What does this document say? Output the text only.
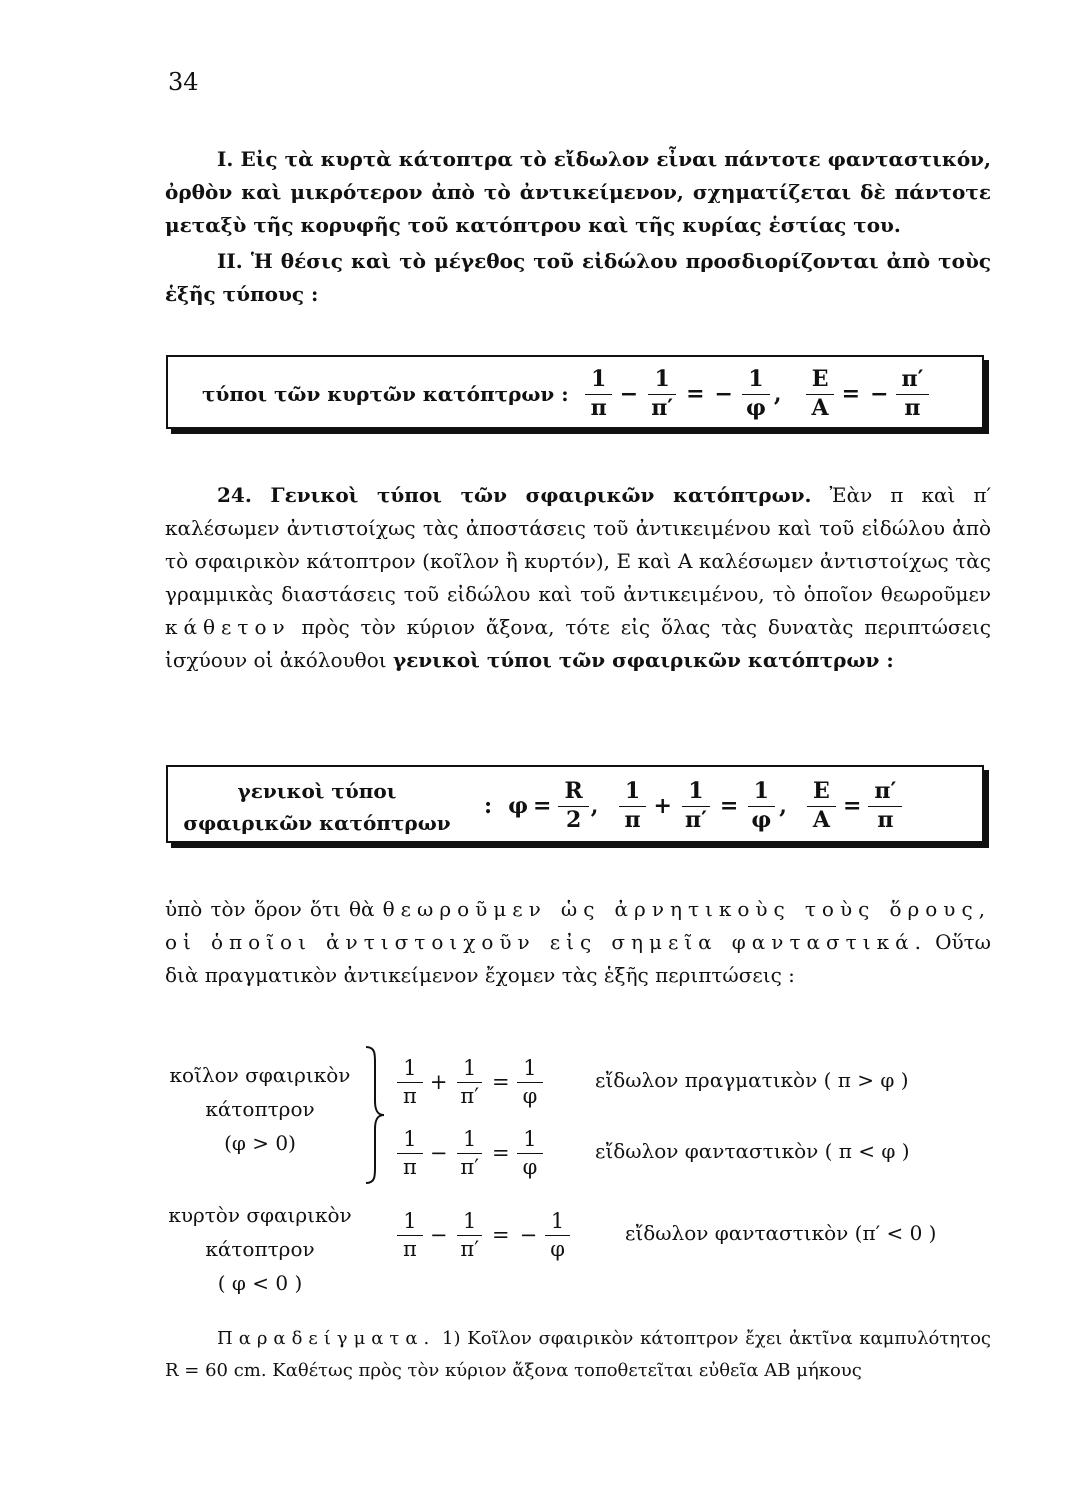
34

I. Εἰς τὰ κυρτὰ κάτοπτρα τὸ εἴδωλον εἶναι πάντοτε φανταστικόν, ὀρθὸν καὶ μικρότερον ἀπὸ τὸ ἀντικείμενον, σχηματίζεται δὲ πάντοτε μεταξὺ τῆς κορυφῆς τοῦ κατόπτρου καὶ τῆς κυρίας ἑστίας του.

II. Ἡ θέσις καὶ τὸ μέγεθος τοῦ εἰδώλου προσδιορίζονται ἀπὸ τοὺς ἑξῆς τύπους :

τύποι τῶν κυρτῶν κατόπτρων : $\frac{1}{\pi} - \frac{1}{\pi'}$ = − $\frac{1}{\varphi}$ , $\frac{E}{A}$ = − $\frac{\pi'}{\pi}$

24. Γενικοὶ τύποι τῶν σφαιρικῶν κατόπτρων. Ἐὰν π καὶ π′ καλέσωμεν ἀντιστοίχως τὰς ἀποστάσεις τοῦ ἀντικειμένου καὶ τοῦ εἰδώλου ἀπὸ τὸ σφαιρικὸν κάτοπτρον (κοῖλον ἢ κυρτόν), Ε καὶ Α καλέσωμεν ἀντιστοίχως τὰς γραμμικὰς διαστάσεις τοῦ εἰδώλου καὶ τοῦ ἀντικειμένου, τὸ ὁποῖον θεωροῦμεν κάθετον πρὸς τὸν κύριον ἄξονα, τότε εἰς ὅλας τὰς δυνατὰς περιπτώσεις ἰσχύουν οἱ ἀκόλουθοι γενικοὶ τύποι τῶν σφαιρικῶν κατόπτρων :

γενικοὶ τύποι
σφαιρικῶν κατόπτρων
: $\varphi = \frac{R}{2}$ , $\frac{1}{\pi} + \frac{1}{\pi'} = \frac{1}{\varphi}$ , $\frac{E}{A} = \frac{\pi'}{\pi}$

ὑπὸ τὸν ὅρον ὅτι θὰ θεωροῦμεν ὡς ἀρνητικοὺς τοὺς ὅρους, οἱ ὁποῖοι ἀντιστοιχοῦν εἰς σημεῖα φανταστικά. Οὕτω διὰ πραγματικὸν ἀντικείμενον ἔχομεν τὰς ἑξῆς περιπτώσεις :

κοῖλον σφαιρικὸν
κάτοπτρον
(φ > 0)
$\frac{1}{\pi} + \frac{1}{\pi'} = \frac{1}{\varphi}$	εἴδωλον πραγματικὸν ( π > φ )
$\frac{1}{\pi} - \frac{1}{\pi'} = \frac{1}{\varphi}$	εἴδωλον φανταστικὸν ( π < φ )
κυρτὸν σφαιρικὸν
κάτοπτρον
( φ < 0 )
$\frac{1}{\pi} - \frac{1}{\pi'}$ = − $\frac{1}{\varphi}$	εἴδωλον φανταστικὸν (π′ < 0 )

Παραδείγματα. 1) Κοῖλον σφαιρικὸν κάτοπτρον ἔχει ἀκτῖνα καμπυλότητος R = 60 cm. Καθέτως πρὸς τὸν κύριον ἄξονα τοποθετεῖται εὐθεῖα ΑΒ μήκους
